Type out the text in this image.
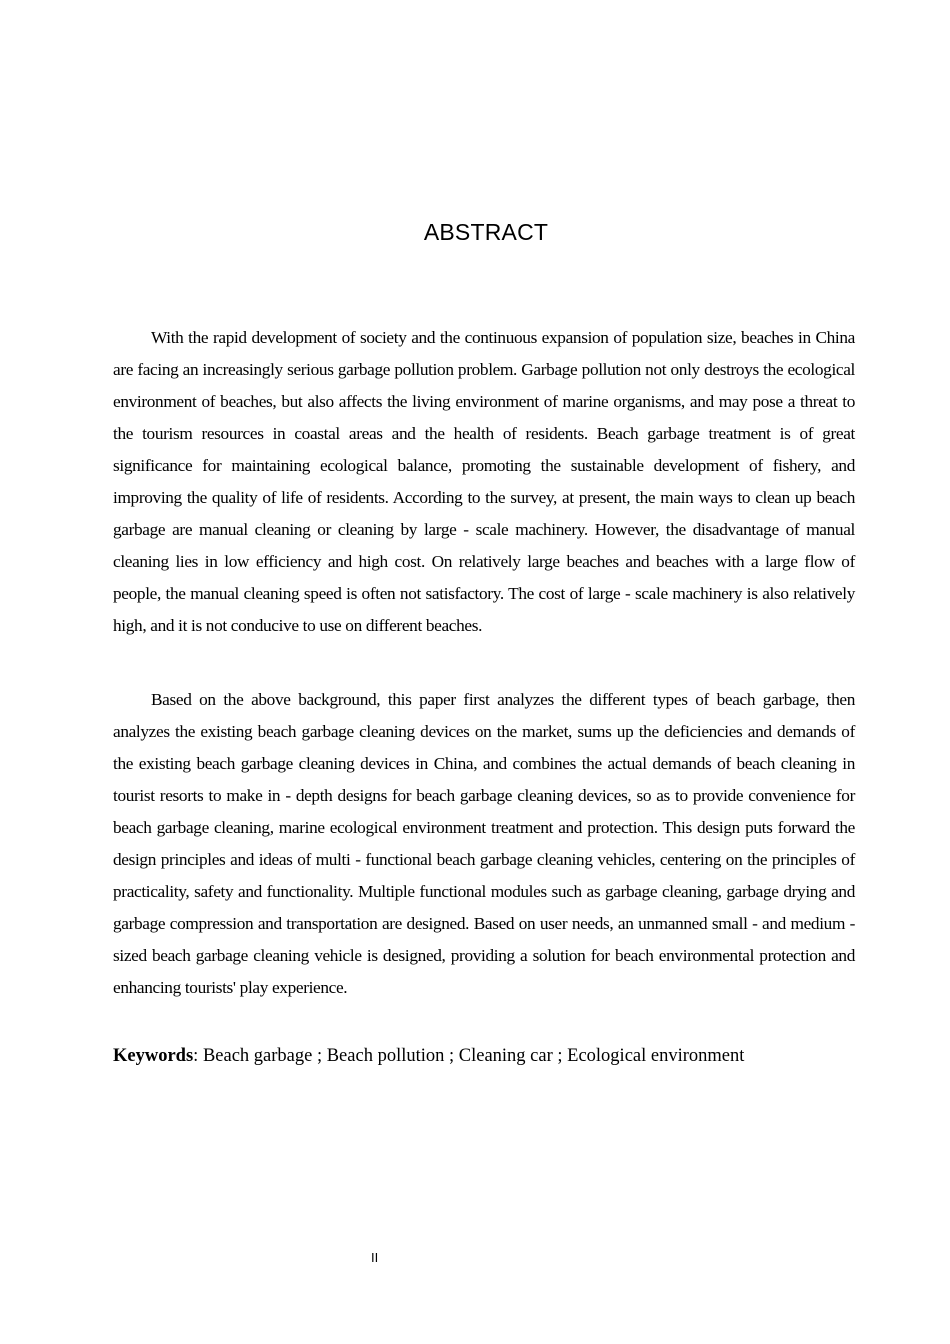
ABSTRACT

With the rapid development of society and the continuous expansion of population size, beaches in China are facing an increasingly serious garbage pollution problem. Garbage pollution not only destroys the ecological environment of beaches, but also affects the living environment of marine organisms, and may pose a threat to the tourism resources in coastal areas and the health of residents. Beach garbage treatment is of great significance for maintaining ecological balance, promoting the sustainable development of fishery, and improving the quality of life of residents. According to the survey, at present, the main ways to clean up beach garbage are manual cleaning or cleaning by large - scale machinery. However, the disadvantage of manual cleaning lies in low efficiency and high cost. On relatively large beaches and beaches with a large flow of people, the manual cleaning speed is often not satisfactory. The cost of large - scale machinery is also relatively high, and it is not conducive to use on different beaches.

Based on the above background, this paper first analyzes the different types of beach garbage, then analyzes the existing beach garbage cleaning devices on the market, sums up the deficiencies and demands of the existing beach garbage cleaning devices in China, and combines the actual demands of beach cleaning in tourist resorts to make in - depth designs for beach garbage cleaning devices, so as to provide convenience for beach garbage cleaning, marine ecological environment treatment and protection. This design puts forward the design principles and ideas of multi - functional beach garbage cleaning vehicles, centering on the principles of practicality, safety and functionality. Multiple functional modules such as garbage cleaning, garbage drying and garbage compression and transportation are designed. Based on user needs, an unmanned small - and medium - sized beach garbage cleaning vehicle is designed, providing a solution for beach environmental protection and enhancing tourists' play experience.

Keywords: Beach garbage ; Beach pollution ; Cleaning car ; Ecological environment

II
